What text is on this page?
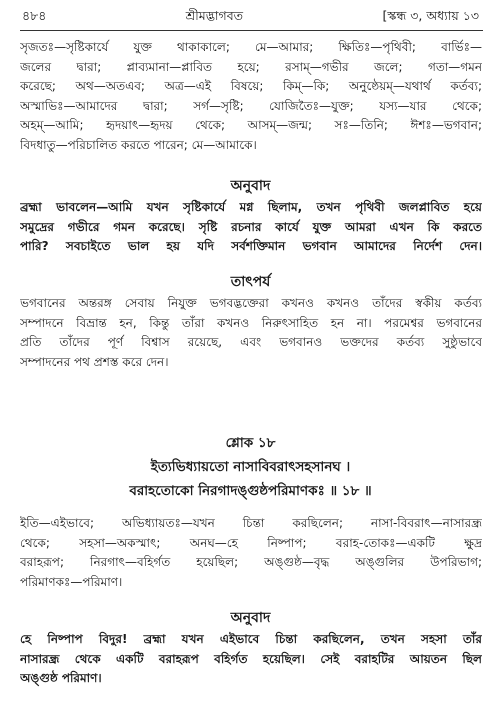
৪৮৪	শ্রীমদ্ভাগবত	[স্কন্ধ ৩, অধ্যায় ১৩
সৃজতঃ—সৃষ্টিকার্যে যুক্ত থাকাকালে; মে—আমার; ক্ষিতিঃ—পৃথিবী; বার্ভিঃ—
জলের দ্বারা; প্লাব্যমানা—প্লাবিত হয়ে; রসাম্—গভীর জলে; গতা—গমন
করেছে; অথ—অতএব; অত্র—এই বিষয়ে; কিম্—কি; অনুষ্ঠেয়ম্—যথার্থ কর্তব্য;
অস্মাভিঃ—আমাদের দ্বারা; সর্গ—সৃষ্টি; যোজিতৈঃ—যুক্ত; যস্য—যার থেকে;
অহম্—আমি; হৃদয়াৎ—হৃদয় থেকে; আসম্—জন্ম; সঃ—তিনি; ঈশঃ—ভগবান;
বিদধাতু—পরিচালিত করতে পারেন; মে—আমাকে।
অনুবাদ
ব্রহ্মা ভাবলেন—আমি যখন সৃষ্টিকার্যে মগ্ন ছিলাম, তখন পৃথিবী জলপ্লাবিত হয়ে
সমুদ্রের গভীরে গমন করেছে। সৃষ্টি রচনার কার্যে যুক্ত আমরা এখন কি করতে
পারি? সবচাইতে ভাল হয় যদি সর্বশক্তিমান ভগবান আমাদের নির্দেশ দেন।
তাৎপর্য
ভগবানের অন্তরঙ্গ সেবায় নিযুক্ত ভগবদ্ভক্তেরা কখনও কখনও তাঁদের স্বকীয় কর্তব্য
সম্পাদনে বিভ্রান্ত হন, কিন্তু তাঁরা কখনও নিরুৎসাহিত হন না। পরমেশ্বর ভগবানের
প্রতি তাঁদের পূর্ণ বিশ্বাস রয়েছে, এবং ভগবানও ভক্তদের কর্তব্য সুষ্ঠুভাবে
সম্পাদনের পথ প্রশস্ত করে দেন।
শ্লোক ১৮
ইত্যভিধ্যায়তো নাসাবিবরাৎসহসানঘ ।
বরাহতোকো নিরগাদঙ্গুষ্ঠপরিমাণকঃ ॥ ১৮ ॥
ইতি—এইভাবে; অভিধ্যায়তঃ—যখন চিন্তা করছিলেন; নাসা-বিবরাৎ—নাসারন্ধ্র
থেকে; সহসা—অকস্মাৎ; অনঘ—হে নিষ্পাপ; বরাহ-তোকঃ—একটি ক্ষুদ্র
বরাহরূপ; নিরগাৎ—বহির্গত হয়েছিল; অঙ্গুষ্ঠ—বৃদ্ধ অঙ্গুলির উপরিভাগ;
পরিমাণকঃ—পরিমাণ।
অনুবাদ
হে নিষ্পাপ বিদুর! ব্রহ্মা যখন এইভাবে চিন্তা করছিলেন, তখন সহসা তাঁর
নাসারন্ধ্র থেকে একটি বরাহরূপ বহির্গত হয়েছিল। সেই বরাহটির আয়তন ছিল
অঙ্গুষ্ঠ পরিমাণ।
